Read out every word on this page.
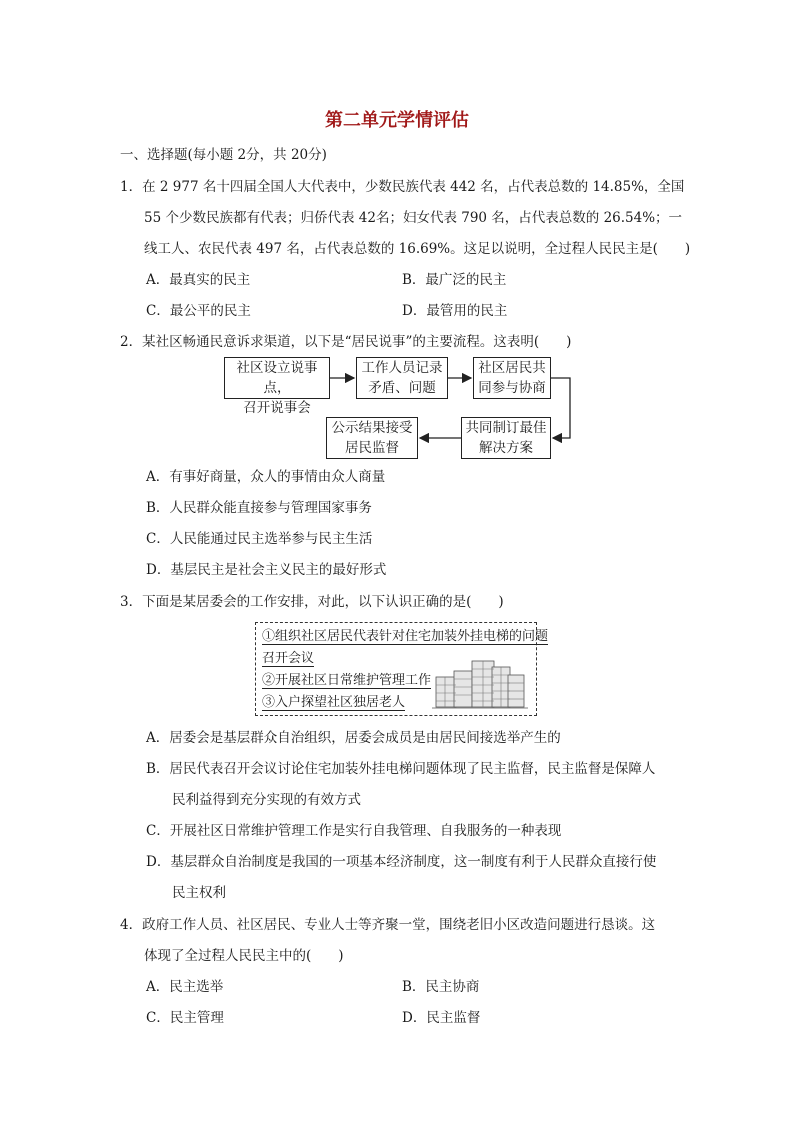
第二单元学情评估
一、选择题(每小题 2分，共 20分)
1．在 2 977 名十四届全国人大代表中，少数民族代表 442 名，占代表总数的 14.85%，全国
55 个少数民族都有代表；归侨代表 42名；妇女代表 790 名，占代表总数的 26.54%；一
线工人、农民代表 497 名，占代表总数的 16.69%。这足以说明，全过程人民民主是(　　)
A．最真实的民主	B．最广泛的民主
C．最公平的民主	D．最管用的民主
2．某社区畅通民意诉求渠道，以下是“居民说事”的主要流程。这表明(　　)
社区设立说事点，
召开说事会
工作人员记录
矛盾、问题
社区居民共
同参与协商
共同制订最佳
解决方案
公示结果接受
居民监督
A．有事好商量，众人的事情由众人商量
B．人民群众能直接参与管理国家事务
C．人民能通过民主选举参与民主生活
D．基层民主是社会主义民主的最好形式
3．下面是某居委会的工作安排，对此，以下认识正确的是(　　)
①组织社区居民代表针对住宅加装外挂电梯的问题
召开会议
②开展社区日常维护管理工作
③入户探望社区独居老人
A．居委会是基层群众自治组织，居委会成员是由居民间接选举产生的
B．居民代表召开会议讨论住宅加装外挂电梯问题体现了民主监督，民主监督是保障人
民利益得到充分实现的有效方式
C．开展社区日常维护管理工作是实行自我管理、自我服务的一种表现
D．基层群众自治制度是我国的一项基本经济制度，这一制度有利于人民群众直接行使
民主权利
4．政府工作人员、社区居民、专业人士等齐聚一堂，围绕老旧小区改造问题进行恳谈。这
体现了全过程人民民主中的(　　)
A．民主选举	B．民主协商
C．民主管理	D．民主监督
